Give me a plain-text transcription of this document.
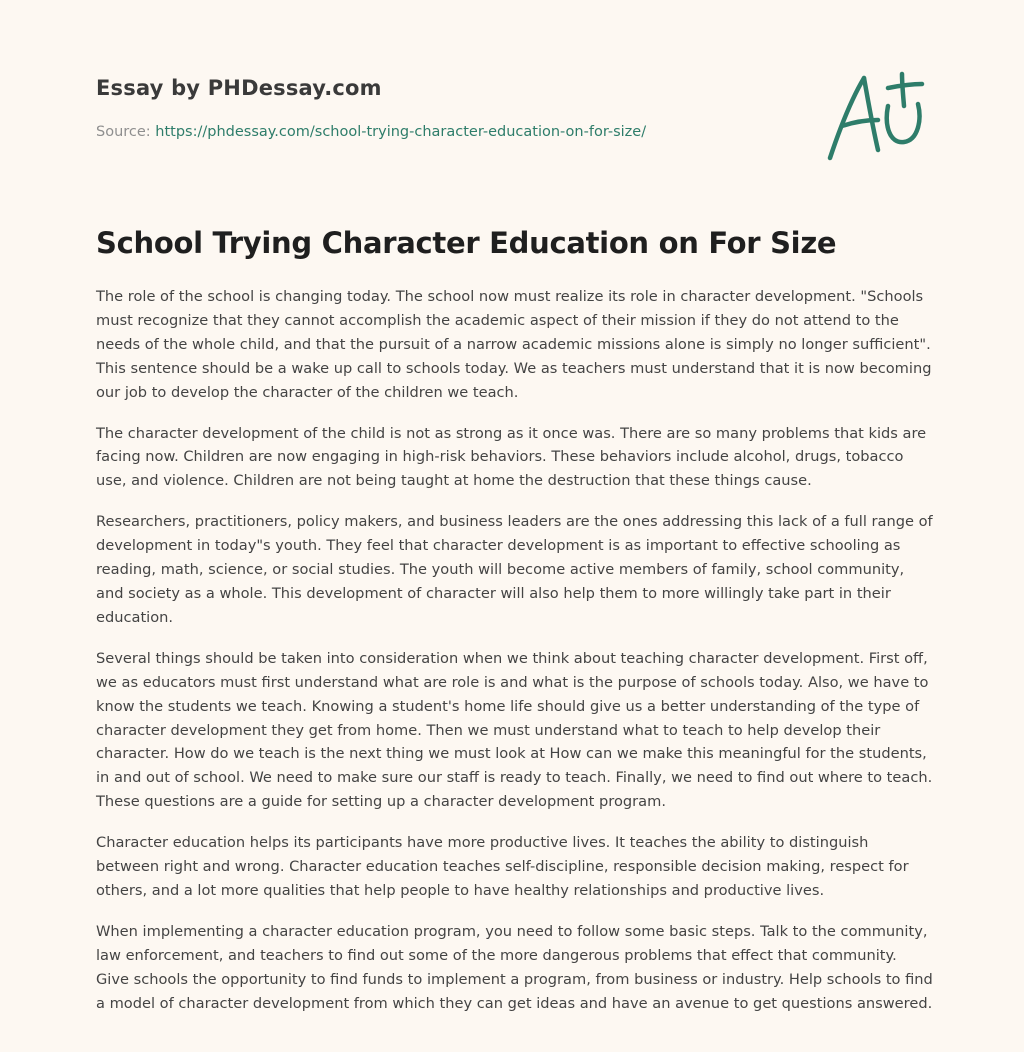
Essay by PHDessay.com

Source: https://phdessay.com/school-trying-character-education-on-for-size/

School Trying Character Education on For Size

The role of the school is changing today. The school now must realize its role in character development. "Schools must recognize that they cannot accomplish the academic aspect of their mission if they do not attend to the needs of the whole child, and that the pursuit of a narrow academic missions alone is simply no longer sufficient". This sentence should be a wake up call to schools today. We as teachers must understand that it is now becoming our job to develop the character of the children we teach.

The character development of the child is not as strong as it once was. There are so many problems that kids are facing now. Children are now engaging in high-risk behaviors. These behaviors include alcohol, drugs, tobacco use, and violence. Children are not being taught at home the destruction that these things cause.

Researchers, practitioners, policy makers, and business leaders are the ones addressing this lack of a full range of development in today"s youth. They feel that character development is as important to effective schooling as reading, math, science, or social studies. The youth will become active members of family, school community, and society as a whole. This development of character will also help them to more willingly take part in their education.

Several things should be taken into consideration when we think about teaching character development. First off, we as educators must first understand what are role is and what is the purpose of schools today. Also, we have to know the students we teach. Knowing a student's home life should give us a better understanding of the type of character development they get from home. Then we must understand what to teach to help develop their character. How do we teach is the next thing we must look at How can we make this meaningful for the students, in and out of school. We need to make sure our staff is ready to teach. Finally, we need to find out where to teach. These questions are a guide for setting up a character development program.

Character education helps its participants have more productive lives. It teaches the ability to distinguish between right and wrong. Character education teaches self-discipline, responsible decision making, respect for others, and a lot more qualities that help people to have healthy relationships and productive lives.

When implementing a character education program, you need to follow some basic steps. Talk to the community, law enforcement, and teachers to find out some of the more dangerous problems that effect that community. Give schools the opportunity to find funds to implement a program, from business or industry. Help schools to find a model of character development from which they can get ideas and have an avenue to get questions answered.
